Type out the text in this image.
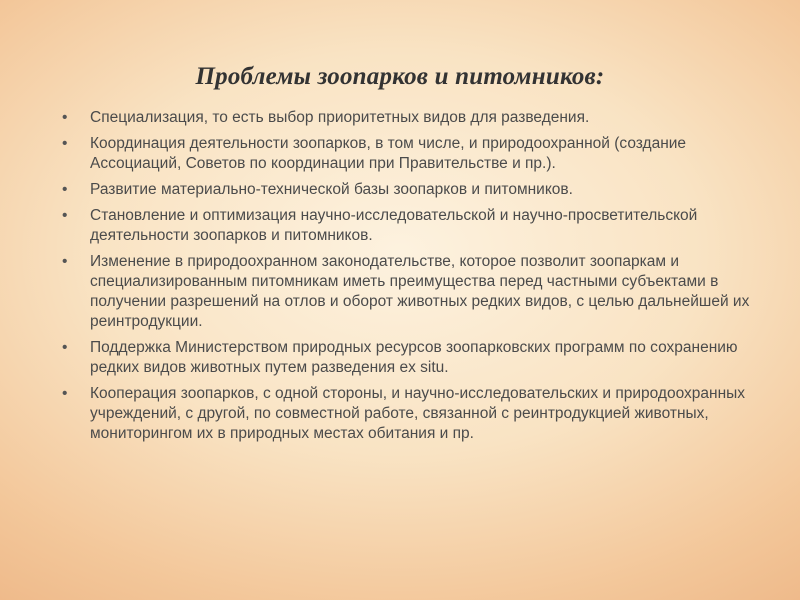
Проблемы зоопарков и питомников:
• Специализация, то есть выбор приоритетных видов для разведения.
• Координация деятельности зоопарков, в том числе, и природоохранной (создание Ассоциаций, Советов по координации при Правительстве и пр.).
• Развитие материально-технической базы зоопарков и питомников.
• Становление и оптимизация научно-исследовательской и научно-просветительской деятельности зоопарков и питомников.
• Изменение в природоохранном законодательстве, которое позволит зоопаркам и специализированным питомникам иметь преимущества перед частными субъектами в получении разрешений на отлов и оборот животных редких видов, с целью дальнейшей их реинтродукции.
• Поддержка Министерством природных ресурсов зоопарковских программ по сохранению редких видов животных путем разведения ex situ.
• Кооперация зоопарков, с одной стороны, и научно-исследовательских и природоохранных учреждений, с другой, по совместной работе, связанной с реинтродукцией животных, мониторингом их в природных местах обитания и пр.
